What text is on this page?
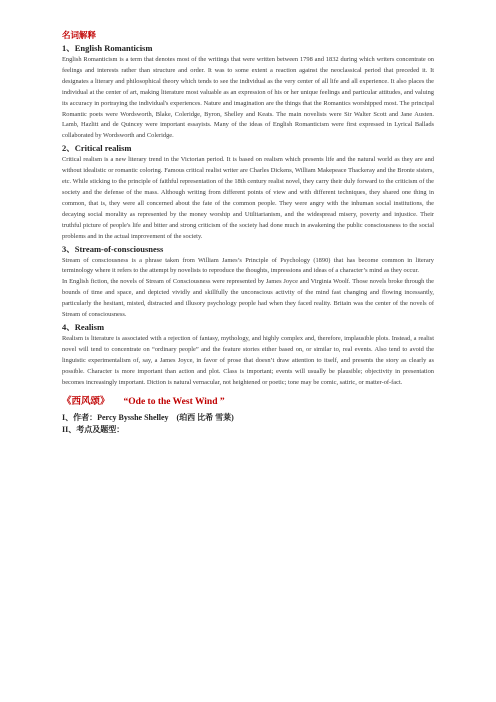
名词解释
1、English Romanticism

English Romanticism is a term that denotes most of the writings that were written between 1798 and 1832 during which writers concentrate on feelings and interests rather than structure and order. It was to some extent a reaction against the neoclassical period that preceded it. It designates a literary and philosophical theory which tends to see the individual as the very center of all life and all experience. It also places the individual at the center of art, making literature most valuable as an expression of his or her unique feelings and particular attitudes, and valuing its accuracy in portraying the individual's experiences. Nature and imagination are the things that the Romantics worshipped most. The principal Romantic poets were Wordsworth, Blake, Coleridge, Byron, Shelley and Keats. The main novelists were Sir Walter Scott and Jane Austen. Lamb, Hazlitt and de Quincey were important essayists. Many of the ideas of English Romanticism were first expressed in Lyrical Ballads collaborated by Wordsworth and Coleridge.

2、Critical realism

Critical realism is a new literary trend in the Victorian period. It is based on realism which presents life and the natural world as they are and without idealistic or romantic coloring. Famous critical realist writer are Charles Dickens, William Makepeace Thackeray and the Bronte sisters, etc. While sticking to the principle of faithful representation of the 18th century realist novel, they carry their duly forward to the criticism of the society and the defense of the mass. Although writing from different points of view and with different techniques, they shared one thing in common, that is, they were all concerned about the fate of the common people. They were angry with the inhuman social institutions, the decaying social morality as represented by the money worship and Utilitarianism, and the widespread misery, poverty and injustice. Their truthful picture of people's life and bitter and strong criticism of the society had done much in awakening the public consciousness to the social problems and in the actual improvement of the society.

3、Stream-of-consciousness

Stream of consciousness is a phrase taken from William James’s Principle of Psychology (1890) that has become common in literary terminology where it refers to the attempt by novelists to reproduce the thoughts, impressions and ideas of a character’s mind as they occur.

In English fiction, the novels of Stream of Consciousness were represented by James Joyce and Virginia Woolf. Those novels broke through the bounds of time and space, and depicted vividly and skillfully the unconscious activity of the mind fast changing and flowing incessantly, particularly the hesitant, misted, distracted and illusory psychology people had when they faced reality. Britain was the center of the novels of Stream of consciousness.

4、Realism

Realism is literature is associated with a rejection of fantasy, mythology, and highly complex and, therefore, implausible plots. Instead, a realist novel will tend to concentrate on “ordinary people” and the feature stories either based on, or similar to, real events. Also tend to avoid the linguistic experimentalism of, say, a James Joyce, in favor of prose that doesn’t draw attention to itself, and presents the story as clearly as possible. Character is more important than action and plot. Class is important; events will usually be plausible; objectivity in presentation becomes increasingly important. Diction is natural vernacular, not heightened or poetic; tone may be comic, satiric, or matter-of-fact.

《西风颂》 “Ode to the West Wind ”
I、作者：Percy Bysshe Shelley (珀西 比希 雪莱)
II、考点及题型：
